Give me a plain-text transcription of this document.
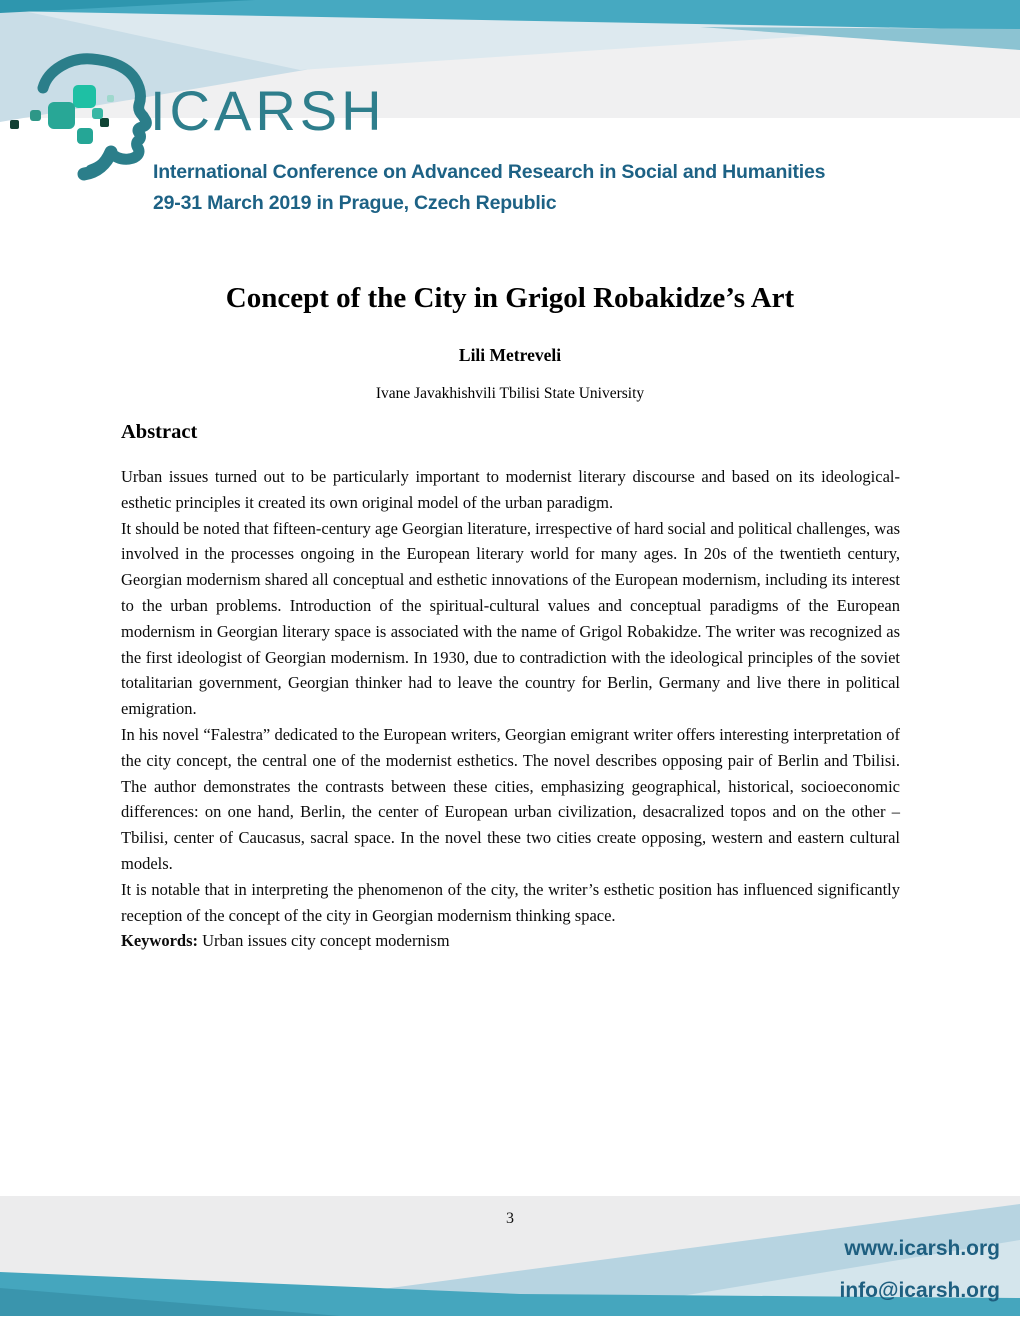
ICARSH
International Conference on Advanced Research in Social and Humanities
29-31 March 2019 in Prague, Czech Republic
Concept of the City in Grigol Robakidze’s Art
Lili Metreveli
Ivane Javakhishvili Tbilisi State University
Abstract

Urban issues turned out to be particularly important to modernist literary discourse and based on its ideological-esthetic principles it created its own original model of the urban paradigm.

It should be noted that fifteen-century age Georgian literature, irrespective of hard social and political challenges, was involved in the processes ongoing in the European literary world for many ages. In 20s of the twentieth century, Georgian modernism shared all conceptual and esthetic innovations of the European modernism, including its interest to the urban problems. Introduction of the spiritual-cultural values and conceptual paradigms of the European modernism in Georgian literary space is associated with the name of Grigol Robakidze. The writer was recognized as the first ideologist of Georgian modernism. In 1930, due to contradiction with the ideological principles of the soviet totalitarian government, Georgian thinker had to leave the country for Berlin, Germany and live there in political emigration.

In his novel “Falestra” dedicated to the European writers, Georgian emigrant writer offers interesting interpretation of the city concept, the central one of the modernist esthetics. The novel describes opposing pair of Berlin and Tbilisi. The author demonstrates the contrasts between these cities, emphasizing geographical, historical, socioeconomic differences: on one hand, Berlin, the center of European urban civilization, desacralized topos and on the other – Tbilisi, center of Caucasus, sacral space. In the novel these two cities create opposing, western and eastern cultural models.

It is notable that in interpreting the phenomenon of the city, the writer’s esthetic position has influenced significantly reception of the concept of the city in Georgian modernism thinking space.

Keywords: Urban issues city concept modernism

3
www.icarsh.org
info@icarsh.org
